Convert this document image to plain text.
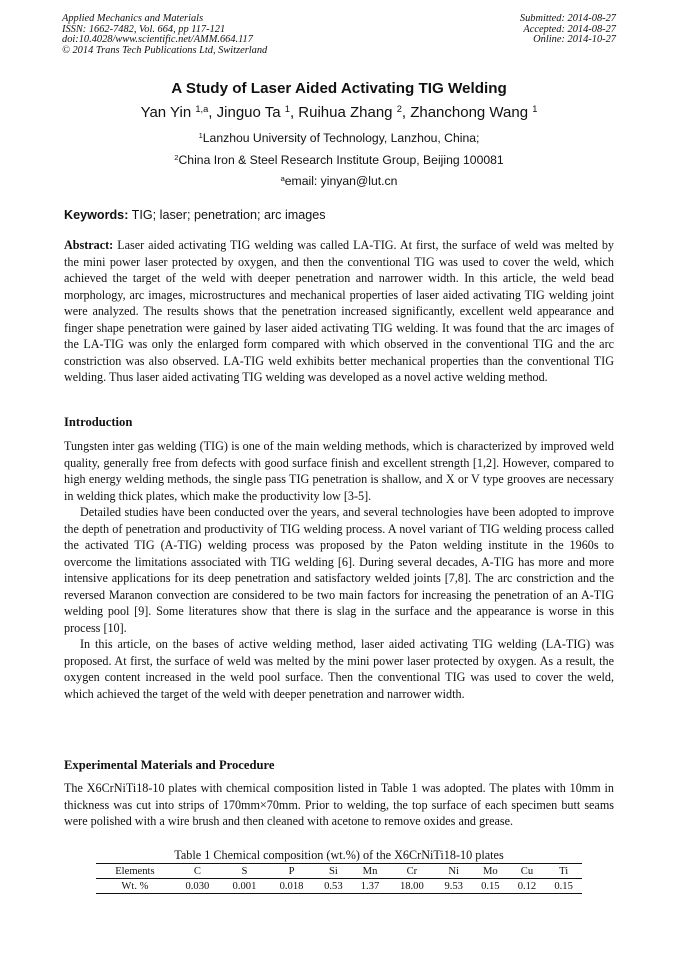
Applied Mechanics and Materials
ISSN: 1662-7482, Vol. 664, pp 117-121
doi:10.4028/www.scientific.net/AMM.664.117
© 2014 Trans Tech Publications Ltd, Switzerland
Submitted: 2014-08-27
Accepted: 2014-08-27
Online: 2014-10-27
A Study of Laser Aided Activating TIG Welding
Yan Yin $^{1,a}$, Jinguo Ta $^1$, Ruihua Zhang $^2$, Zhanchong Wang $^1$
$^1$Lanzhou University of Technology, Lanzhou, China;
$^2$China Iron & Steel Research Institute Group, Beijing 100081
$^a$email: yinyan@lut.cn
Keywords: TIG; laser; penetration; arc images
Abstract: Laser aided activating TIG welding was called LA-TIG. At first, the surface of weld was melted by the mini power laser protected by oxygen, and then the conventional TIG was used to cover the weld, which achieved the target of the weld with deeper penetration and narrower width. In this article, the weld bead morphology, arc images, microstructures and mechanical properties of laser aided activating TIG welding joint were analyzed. The results shows that the penetration increased significantly, excellent weld appearance and finger shape penetration were gained by laser aided activating TIG welding. It was found that the arc images of the LA-TIG was only the enlarged form compared with which observed in the conventional TIG and the arc constriction was also observed. LA-TIG weld exhibits better mechanical properties than the conventional TIG welding. Thus laser aided activating TIG welding was developed as a novel active welding method.
Introduction

Tungsten inter gas welding (TIG) is one of the main welding methods, which is characterized by improved weld quality, generally free from defects with good surface finish and excellent strength [1,2]. However, compared to high energy welding methods, the single pass TIG penetration is shallow, and X or V type grooves are necessary in welding thick plates, which make the productivity low [3-5].

Detailed studies have been conducted over the years, and several technologies have been adopted to improve the depth of penetration and productivity of TIG welding process. A novel variant of TIG welding process called the activated TIG (A-TIG) welding process was proposed by the Paton welding institute in the 1960s to overcome the limitations associated with TIG welding [6]. During several decades, A-TIG has more and more intensive applications for its deep penetration and satisfactory welded joints [7,8]. The arc constriction and the reversed Maranon convection are considered to be two main factors for increasing the penetration of an A-TIG welding pool [9]. Some literatures show that there is slag in the surface and the appearance is worse in this process [10].

In this article, on the bases of active welding method, laser aided activating TIG welding (LA-TIG) was proposed. At first, the surface of weld was melted by the mini power laser protected by oxygen. As a result, the oxygen content increased in the weld pool surface. Then the conventional TIG was used to cover the weld, which achieved the target of the weld with deeper penetration and narrower width.

Experimental Materials and Procedure
The X6CrNiTi18-10 plates with chemical composition listed in Table 1 was adopted. The plates with 10mm in thickness was cut into strips of 170mm×70mm. Prior to welding, the top surface of each specimen butt seams were polished with a wire brush and then cleaned with acetone to remove oxides and grease.
Table 1 Chemical composition (wt.%) of the X6CrNiTi18-10 plates
Elements	C	S	P	Si	Mn	Cr	Ni	Mo	Cu	Ti
Wt. %	0.030	0.001	0.018	0.53	1.37	18.00	9.53	0.15	0.12	0.15
